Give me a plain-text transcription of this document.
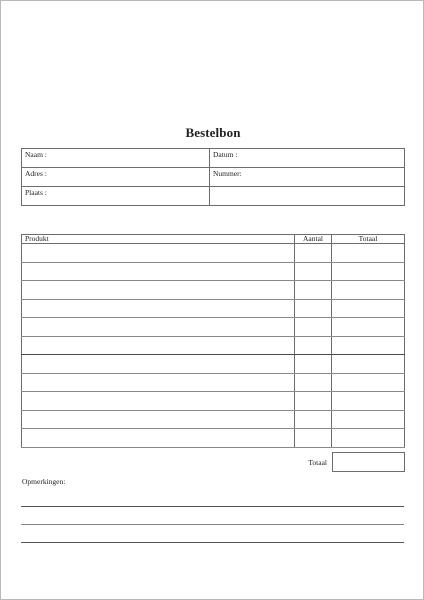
Bestelbon
Naam :	Datum :
Adres :	Nummer:
Plaats :	
Produkt	Aantal	Totaal

Totaal
Opmerkingen:
